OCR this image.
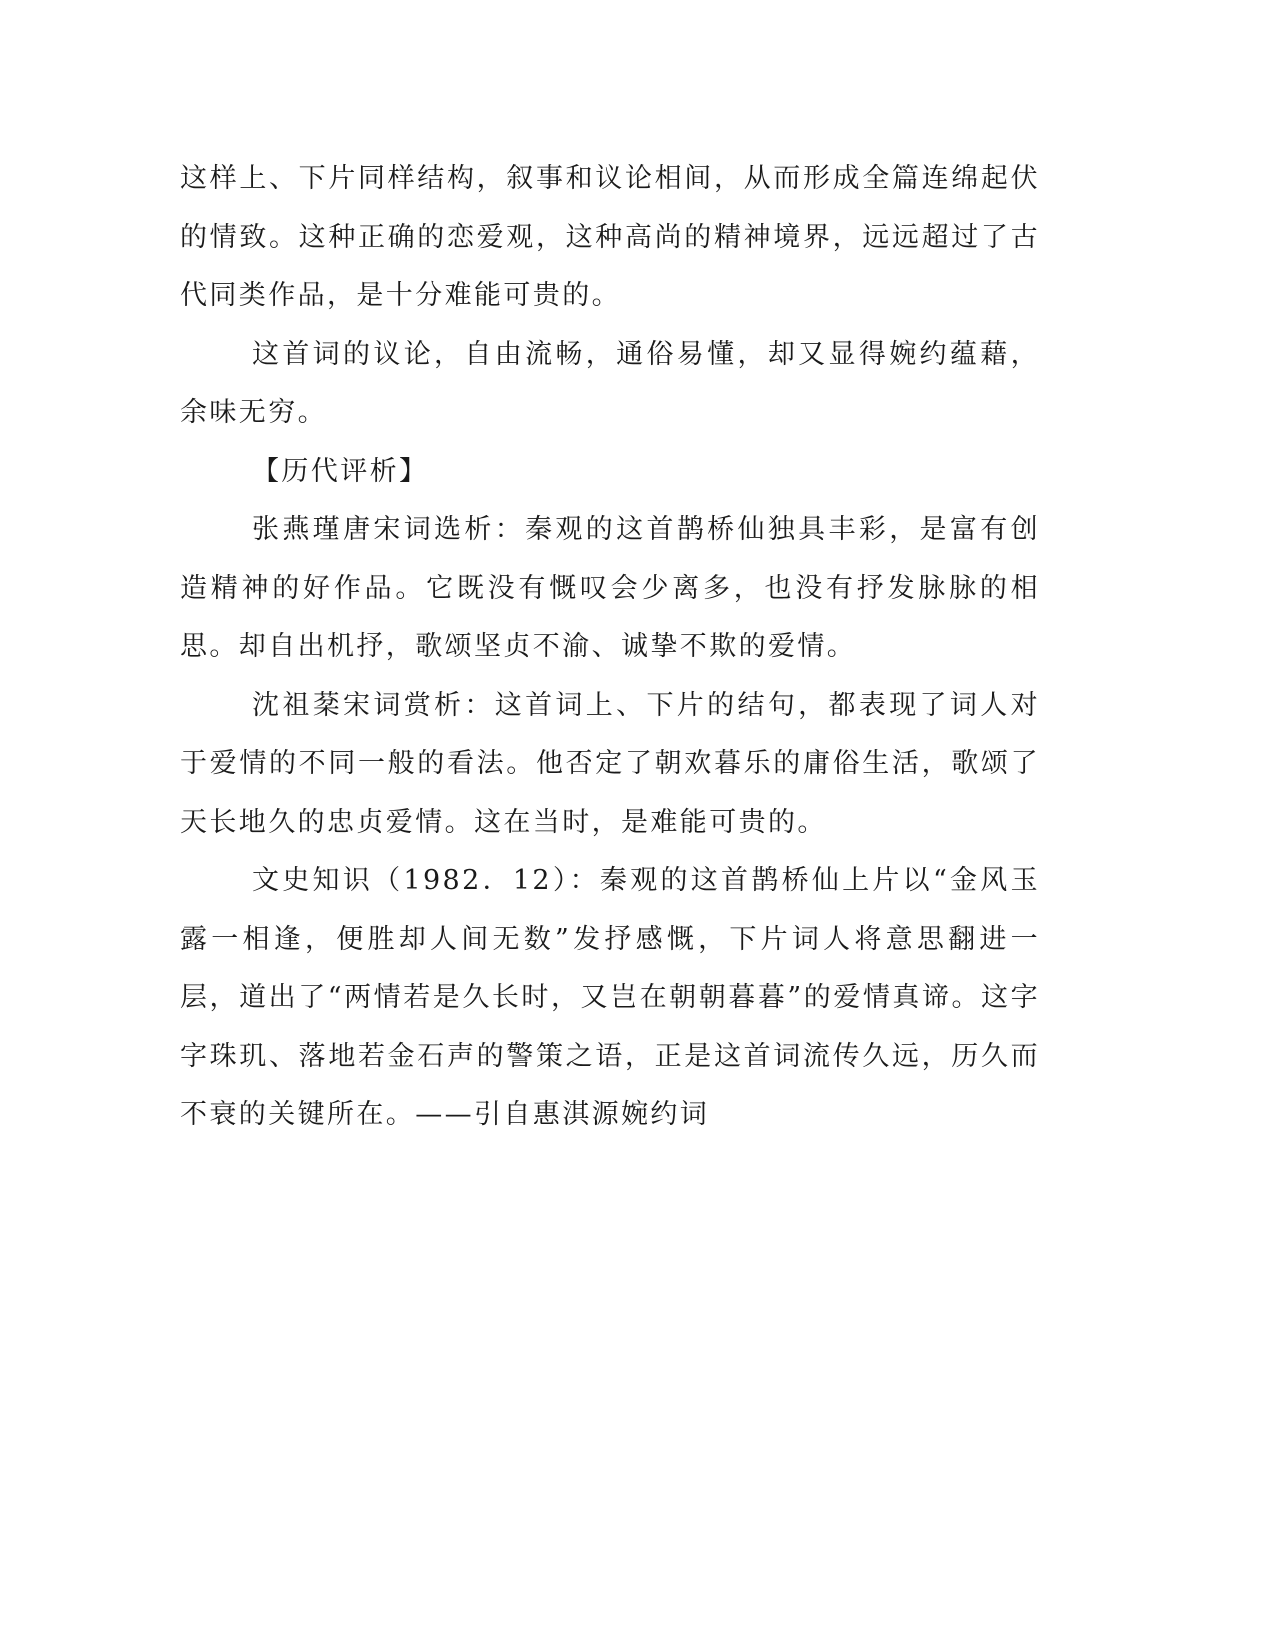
这样上、下片同样结构，叙事和议论相间，从而形成全篇连绵起伏的情致。这种正确的恋爱观，这种高尚的精神境界，远远超过了古代同类作品，是十分难能可贵的。

这首词的议论，自由流畅，通俗易懂，却又显得婉约蕴藉，余味无穷。

【历代评析】

张燕瑾唐宋词选析：秦观的这首鹊桥仙独具丰彩，是富有创造精神的好作品。它既没有慨叹会少离多，也没有抒发脉脉的相思。却自出机抒，歌颂坚贞不渝、诚挚不欺的爱情。

沈祖棻宋词赏析：这首词上、下片的结句，都表现了词人对于爱情的不同一般的看法。他否定了朝欢暮乐的庸俗生活，歌颂了天长地久的忠贞爱情。这在当时，是难能可贵的。

文史知识（1982．12）：秦观的这首鹊桥仙上片以“金风玉露一相逢，便胜却人间无数”发抒感慨，下片词人将意思翻进一层，道出了“两情若是久长时，又岂在朝朝暮暮”的爱情真谛。这字字珠玑、落地若金石声的警策之语，正是这首词流传久远，历久而不衰的关键所在。——引自惠淇源婉约词
